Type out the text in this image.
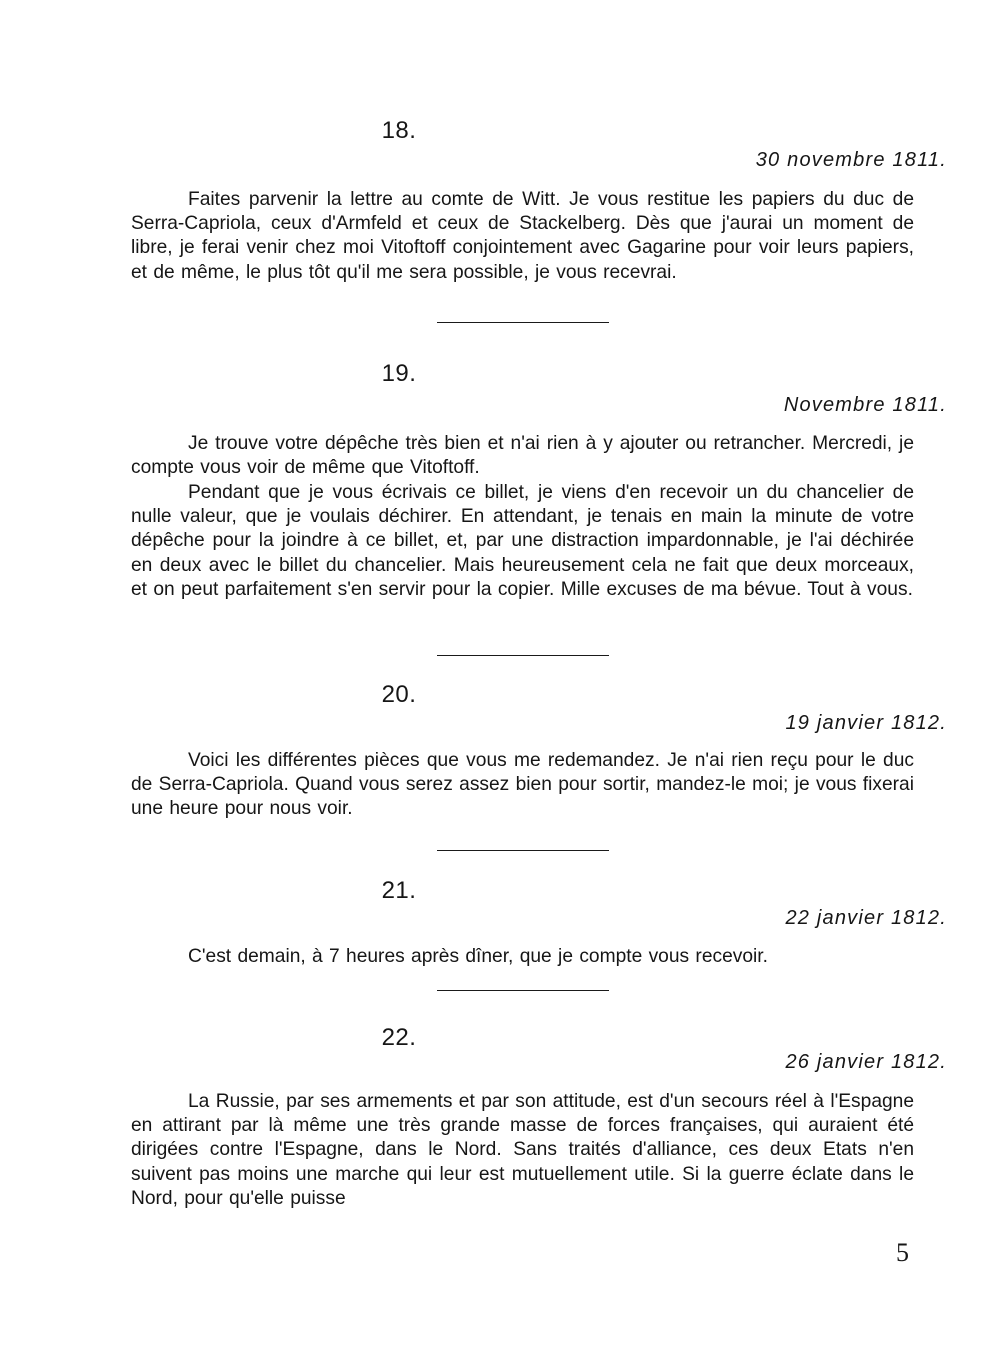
18.
30 novembre 1811.

Faites parvenir la lettre au comte de Witt. Je vous restitue les papiers du duc de Serra-Capriola, ceux d'Armfeld et ceux de Stackelberg. Dès que j'aurai un moment de libre, je ferai venir chez moi Vitoftoff conjointement avec Gagarine pour voir leurs papiers, et de même, le plus tôt qu'il me sera possible, je vous recevrai.

19.
Novembre 1811.

Je trouve votre dépêche très bien et n'ai rien à y ajouter ou retrancher. Mercredi, je compte vous voir de même que Vitoftoff.

Pendant que je vous écrivais ce billet, je viens d'en recevoir un du chancelier de nulle valeur, que je voulais déchirer. En attendant, je tenais en main la minute de votre dépêche pour la joindre à ce billet, et, par une distraction impardonnable, je l'ai déchirée en deux avec le billet du chancelier. Mais heureusement cela ne fait que deux morceaux, et on peut parfaitement s'en servir pour la copier. Mille excuses de ma bévue. Tout à vous.

20.
19 janvier 1812.

Voici les différentes pièces que vous me redemandez. Je n'ai rien reçu pour le duc de Serra-Capriola. Quand vous serez assez bien pour sortir, mandez-le moi; je vous fixerai une heure pour nous voir.

21.
22 janvier 1812.

C'est demain, à 7 heures après dîner, que je compte vous recevoir.

22.
26 janvier 1812.

La Russie, par ses armements et par son attitude, est d'un secours réel à l'Espagne en attirant par là même une très grande masse de forces françaises, qui auraient été dirigées contre l'Espagne, dans le Nord. Sans traités d'alliance, ces deux Etats n'en suivent pas moins une marche qui leur est mutuellement utile. Si la guerre éclate dans le Nord, pour qu'elle puisse

5
